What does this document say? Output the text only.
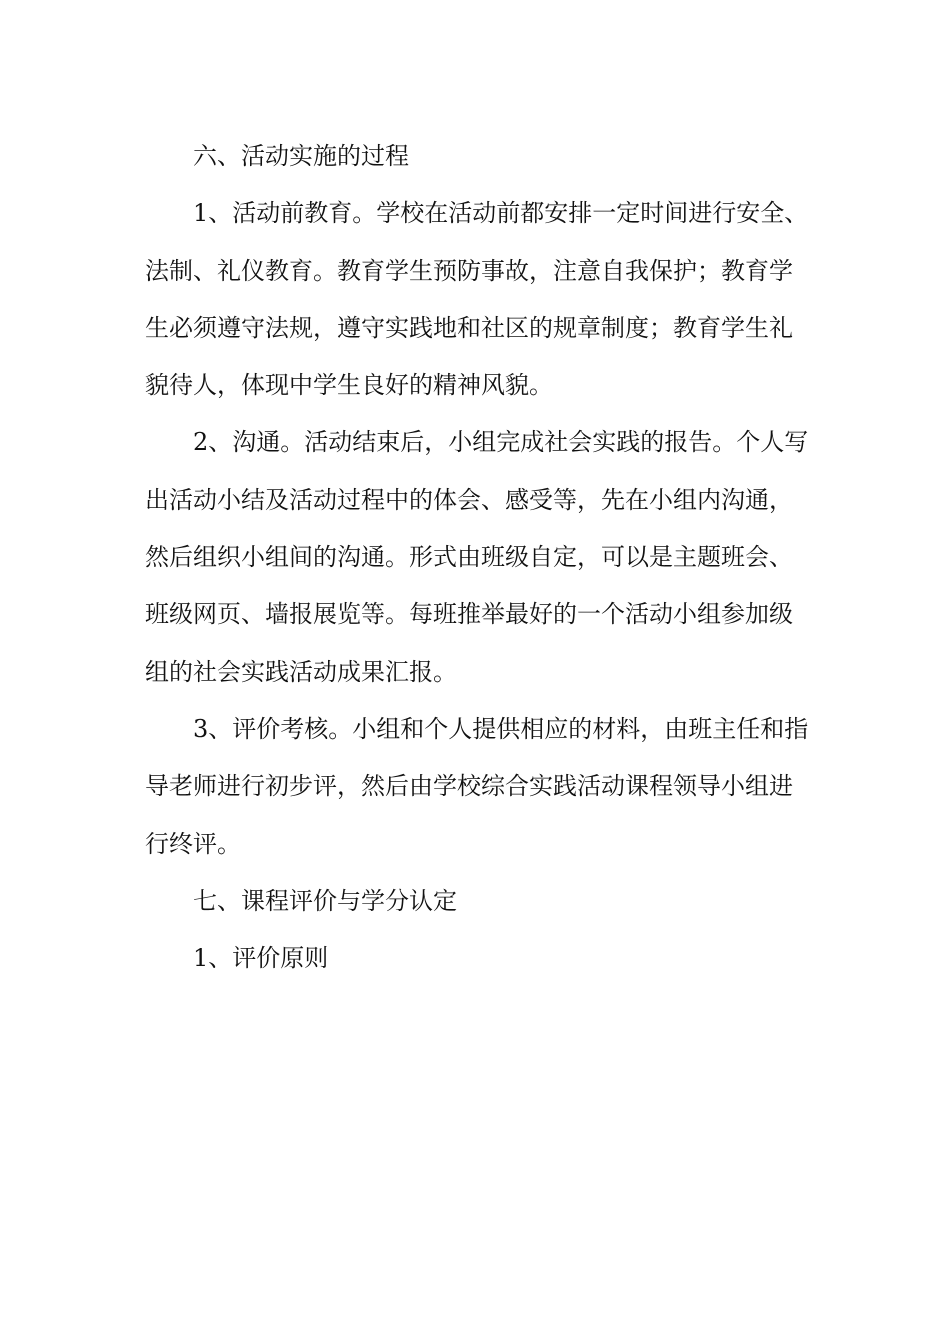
六、活动实施的过程
1、活动前教育。学校在活动前都安排一定时间进行安全、
法制、礼仪教育。教育学生预防事故，注意自我保护；教育学
生必须遵守法规，遵守实践地和社区的规章制度；教育学生礼
貌待人，体现中学生良好的精神风貌。
2、沟通。活动结束后，小组完成社会实践的报告。个人写
出活动小结及活动过程中的体会、感受等，先在小组内沟通，
然后组织小组间的沟通。形式由班级自定，可以是主题班会、
班级网页、墙报展览等。每班推举最好的一个活动小组参加级
组的社会实践活动成果汇报。
3、评价考核。小组和个人提供相应的材料，由班主任和指
导老师进行初步评，然后由学校综合实践活动课程领导小组进
行终评。
七、课程评价与学分认定
1、评价原则
